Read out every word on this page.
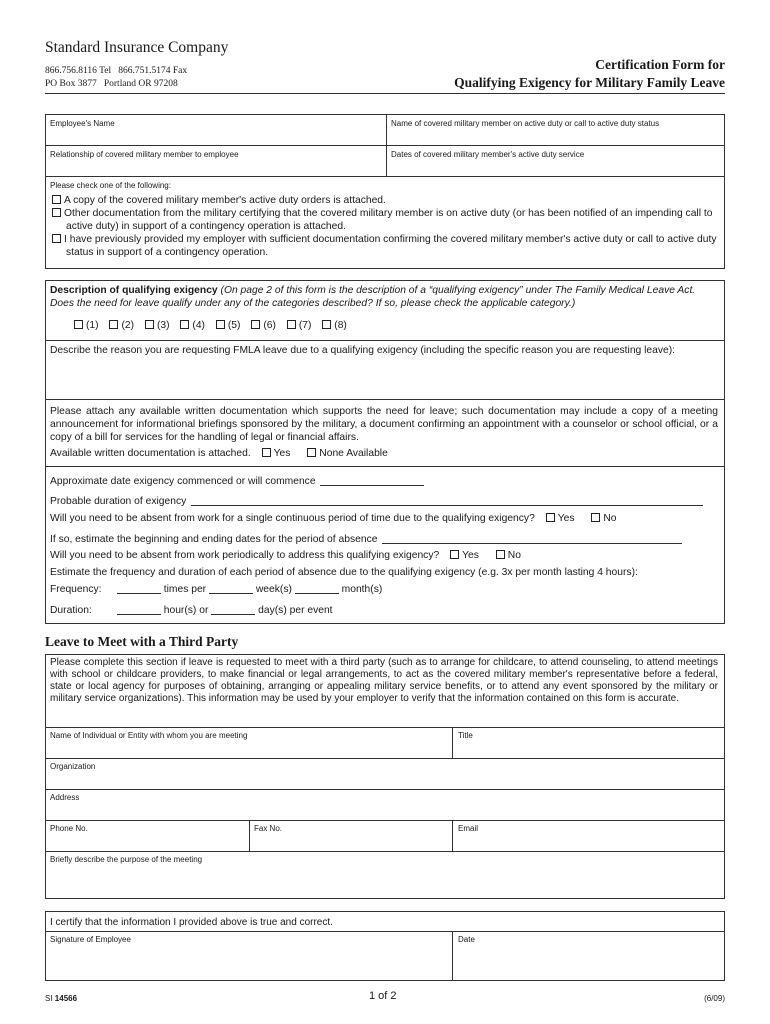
Standard Insurance Company
866.756.8116 Tel   866.751.5174 Fax
PO Box 3877   Portland OR 97208
Certification Form for
Qualifying Exigency for Military Family Leave
Employee's Name	Name of covered military member on active duty or call to active duty status
Relationship of covered military member to employee	Dates of covered military member's active duty service
Please check one of the following:
A copy of the covered military member's active duty orders is attached.
Other documentation from the military certifying that the covered military member is on active duty (or has been notified of an impending call to active duty) in support of a contingency operation is attached.
I have previously provided my employer with sufficient documentation confirming the covered military member's active duty or call to active duty status in support of a contingency operation.
Description of qualifying exigency (On page 2 of this form is the description of a “qualifying exigency” under The Family Medical Leave Act. Does the need for leave qualify under any of the categories described? If so, please check the applicable category.)
(1) (2) (3) (4) (5) (6) (7) (8)
Describe the reason you are requesting FMLA leave due to a qualifying exigency (including the specific reason you are requesting leave):
Please attach any available written documentation which supports the need for leave; such documentation may include a copy of a meeting announcement for informational briefings sponsored by the military, a document confirming an appointment with a counselor or school official, or a copy of a bill for services for the handling of legal or financial affairs.
Available written documentation is attached. Yes	None Available
Approximate date exigency commenced or will commence
Probable duration of exigency
Will you need to be absent from work for a single continuous period of time due to the qualifying exigency? Yes	No
If so, estimate the beginning and ending dates for the period of absence
Will you need to be absent from work periodically to address this qualifying exigency? Yes	No
Estimate the frequency and duration of each period of absence due to the qualifying exigency (e.g. 3x per month lasting 4 hours):
Frequency:	times per	week(s)	month(s)
Duration:	hour(s) or	day(s) per event
Leave to Meet with a Third Party
Please complete this section if leave is requested to meet with a third party (such as to arrange for childcare, to attend counseling, to attend meetings with school or childcare providers, to make financial or legal arrangements, to act as the covered military member's representative before a federal, state or local agency for purposes of obtaining, arranging or appealing military service benefits, or to attend any event sponsored by the military or military service organizations). This information may be used by your employer to verify that the information contained on this form is accurate.
Name of Individual or Entity with whom you are meeting	Title
Organization
Address
Phone No.	Fax No.	Email
Briefly describe the purpose of the meeting
I certify that the information I provided above is true and correct.
Signature of Employee	Date
SI 14566	1 of 2	(6/09)
